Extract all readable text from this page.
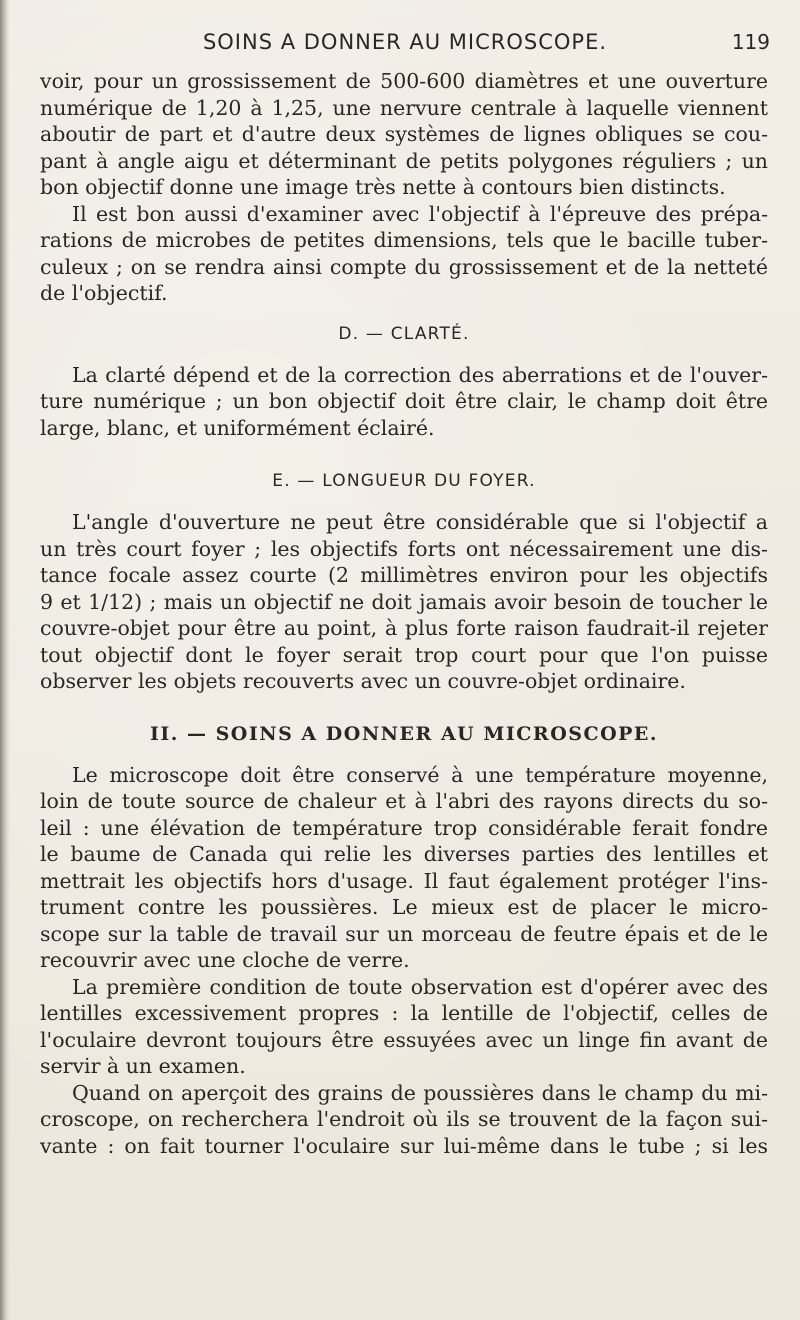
SOINS A DONNER AU MICROSCOPE.	119

voir, pour un grossissement de 500-600 diamètres et une ouverture
numérique de 1,20 à 1,25, une nervure centrale à laquelle viennent
aboutir de part et d'autre deux systèmes de lignes obliques se cou-
pant à angle aigu et déterminant de petits polygones réguliers ; un
bon objectif donne une image très nette à contours bien distincts.

Il est bon aussi d'examiner avec l'objectif à l'épreuve des prépa-
rations de microbes de petites dimensions, tels que le bacille tuber-
culeux ; on se rendra ainsi compte du grossissement et de la netteté
de l'objectif.

D. — CLARTÉ.

La clarté dépend et de la correction des aberrations et de l'ouver-
ture numérique ; un bon objectif doit être clair, le champ doit être
large, blanc, et uniformément éclairé.

E. — LONGUEUR DU FOYER.

L'angle d'ouverture ne peut être considérable que si l'objectif a
un très court foyer ; les objectifs forts ont nécessairement une dis-
tance focale assez courte (2 millimètres environ pour les objectifs
9 et 1/12) ; mais un objectif ne doit jamais avoir besoin de toucher le
couvre-objet pour être au point, à plus forte raison faudrait-il rejeter
tout objectif dont le foyer serait trop court pour que l'on puisse
observer les objets recouverts avec un couvre-objet ordinaire.

II. — SOINS A DONNER AU MICROSCOPE.

Le microscope doit être conservé à une température moyenne,
loin de toute source de chaleur et à l'abri des rayons directs du so-
leil : une élévation de température trop considérable ferait fondre
le baume de Canada qui relie les diverses parties des lentilles et
mettrait les objectifs hors d'usage. Il faut également protéger l'ins-
trument contre les poussières. Le mieux est de placer le micro-
scope sur la table de travail sur un morceau de feutre épais et de le
recouvrir avec une cloche de verre.

La première condition de toute observation est d'opérer avec des
lentilles excessivement propres : la lentille de l'objectif, celles de
l'oculaire devront toujours être essuyées avec un linge fin avant de
servir à un examen.

Quand on aperçoit des grains de poussières dans le champ du mi-
croscope, on recherchera l'endroit où ils se trouvent de la façon sui-
vante : on fait tourner l'oculaire sur lui-même dans le tube ; si les
